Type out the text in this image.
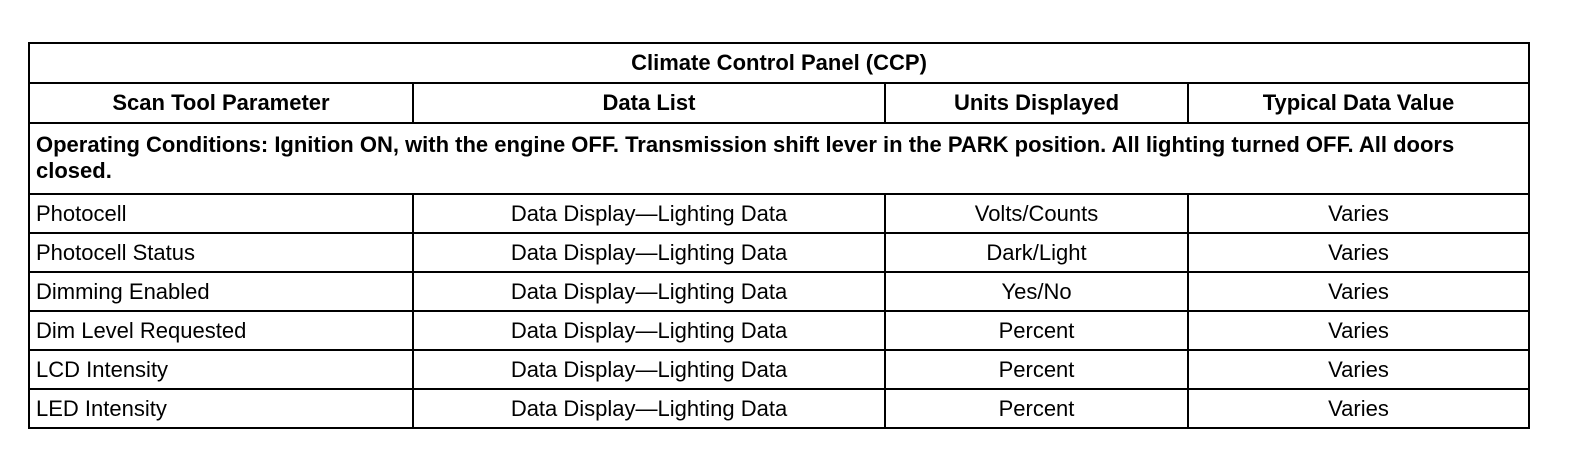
Climate Control Panel (CCP)			
Scan Tool Parameter	Data List	Units Displayed	Typical Data Value
Operating Conditions: Ignition ON, with the engine OFF. Transmission shift lever in the PARK position. All lighting turned OFF. All doors closed.			
Photocell	Data Display—Lighting Data	Volts/Counts	Varies
Photocell Status	Data Display—Lighting Data	Dark/Light	Varies
Dimming Enabled	Data Display—Lighting Data	Yes/No	Varies
Dim Level Requested	Data Display—Lighting Data	Percent	Varies
LCD Intensity	Data Display—Lighting Data	Percent	Varies
LED Intensity	Data Display—Lighting Data	Percent	Varies
